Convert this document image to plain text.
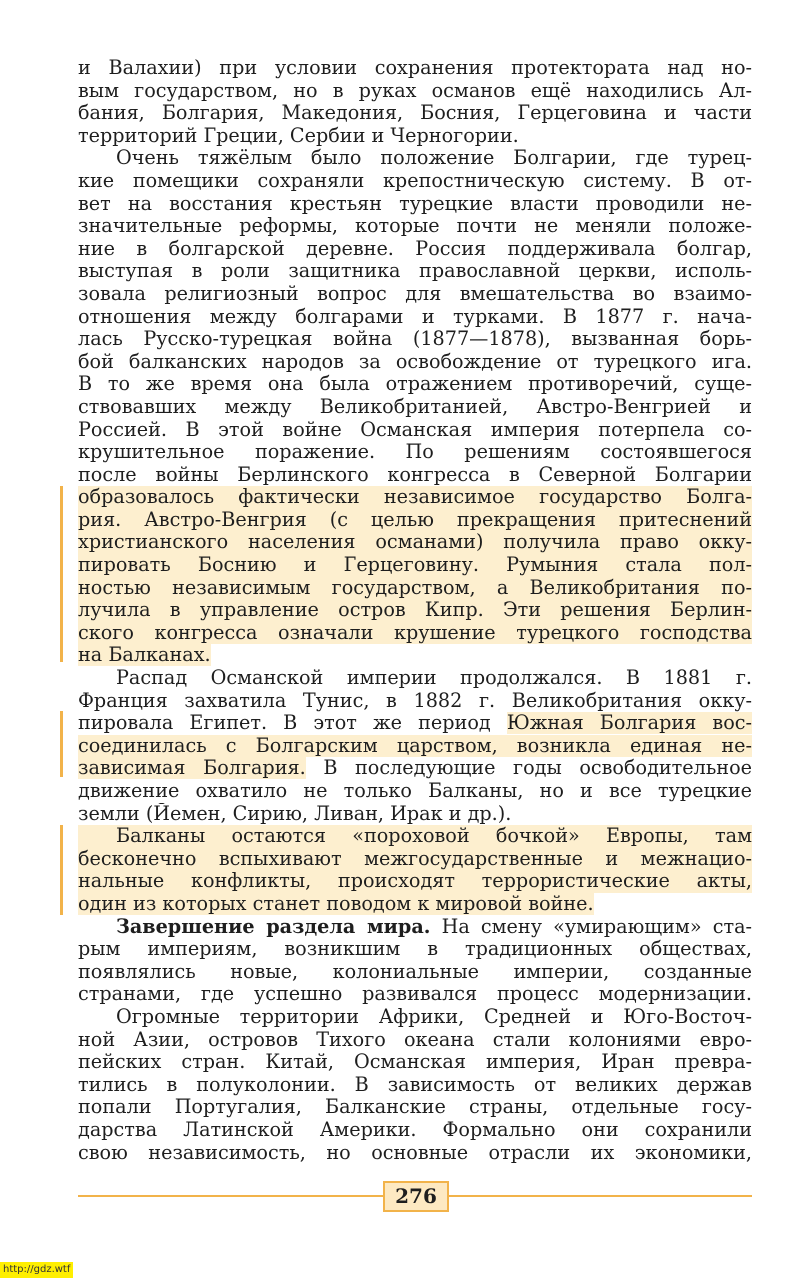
и Валахии) при условии сохранения протектората над но-
вым государством, но в руках османов ещё находились Ал-
бания, Болгария, Македония, Босния, Герцеговина и части
территорий Греции, Сербии и Черногории.

Очень тяжёлым было положение Болгарии, где турец-
кие помещики сохраняли крепостническую систему. В от-
вет на восстания крестьян турецкие власти проводили не-
значительные реформы, которые почти не меняли положе-
ние в болгарской деревне. Россия поддерживала болгар,
выступая в роли защитника православной церкви, исполь-
зовала религиозный вопрос для вмешательства во взаимо-
отношения между болгарами и турками. В 1877 г. нача-
лась Русско-турецкая война (1877—1878), вызванная борь-
бой балканских народов за освобождение от турецкого ига.
В то же время она была отражением противоречий, суще-
ствовавших между Великобританией, Австро-Венгрией и
Россией. В этой войне Османская империя потерпела со-
крушительное поражение. По решениям состоявшегося
после войны Берлинского конгресса в Северной Болгарии
образовалось фактически независимое государство Болга-
рия. Австро-Венгрия (с целью прекращения притеснений
христианского населения османами) получила право окку-
пировать Боснию и Герцеговину. Румыния стала пол-
ностью независимым государством, а Великобритания по-
лучила в управление остров Кипр. Эти решения Берлин-
ского конгресса означали крушение турецкого господства
на Балканах.

Распад Османской империи продолжался. В 1881 г.
Франция захватила Тунис, в 1882 г. Великобритания окку-
пировала Египет. В этот же период Южная Болгария вос-
соединилась с Болгарским царством, возникла единая не-
зависимая Болгария. В последующие годы освободительное
движение охватило не только Балканы, но и все турецкие
земли (Йемен, Сирию, Ливан, Ирак и др.).

Балканы остаются «пороховой бочкой» Европы, там
бесконечно вспыхивают межгосударственные и межнацио-
нальные конфликты, происходят террористические акты,
один из которых станет поводом к мировой войне.

Завершение раздела мира. На смену «умирающим» ста-
рым империям, возникшим в традиционных обществах,
появлялись новые, колониальные империи, созданные
странами, где успешно развивался процесс модернизации.

Огромные территории Африки, Средней и Юго-Восточ-
ной Азии, островов Тихого океана стали колониями евро-
пейских стран. Китай, Османская империя, Иран превра-
тились в полуколонии. В зависимость от великих держав
попали Португалия, Балканские страны, отдельные госу-
дарства Латинской Америки. Формально они сохранили
свою независимость, но основные отрасли их экономики,

276
http://gdz.wtf
